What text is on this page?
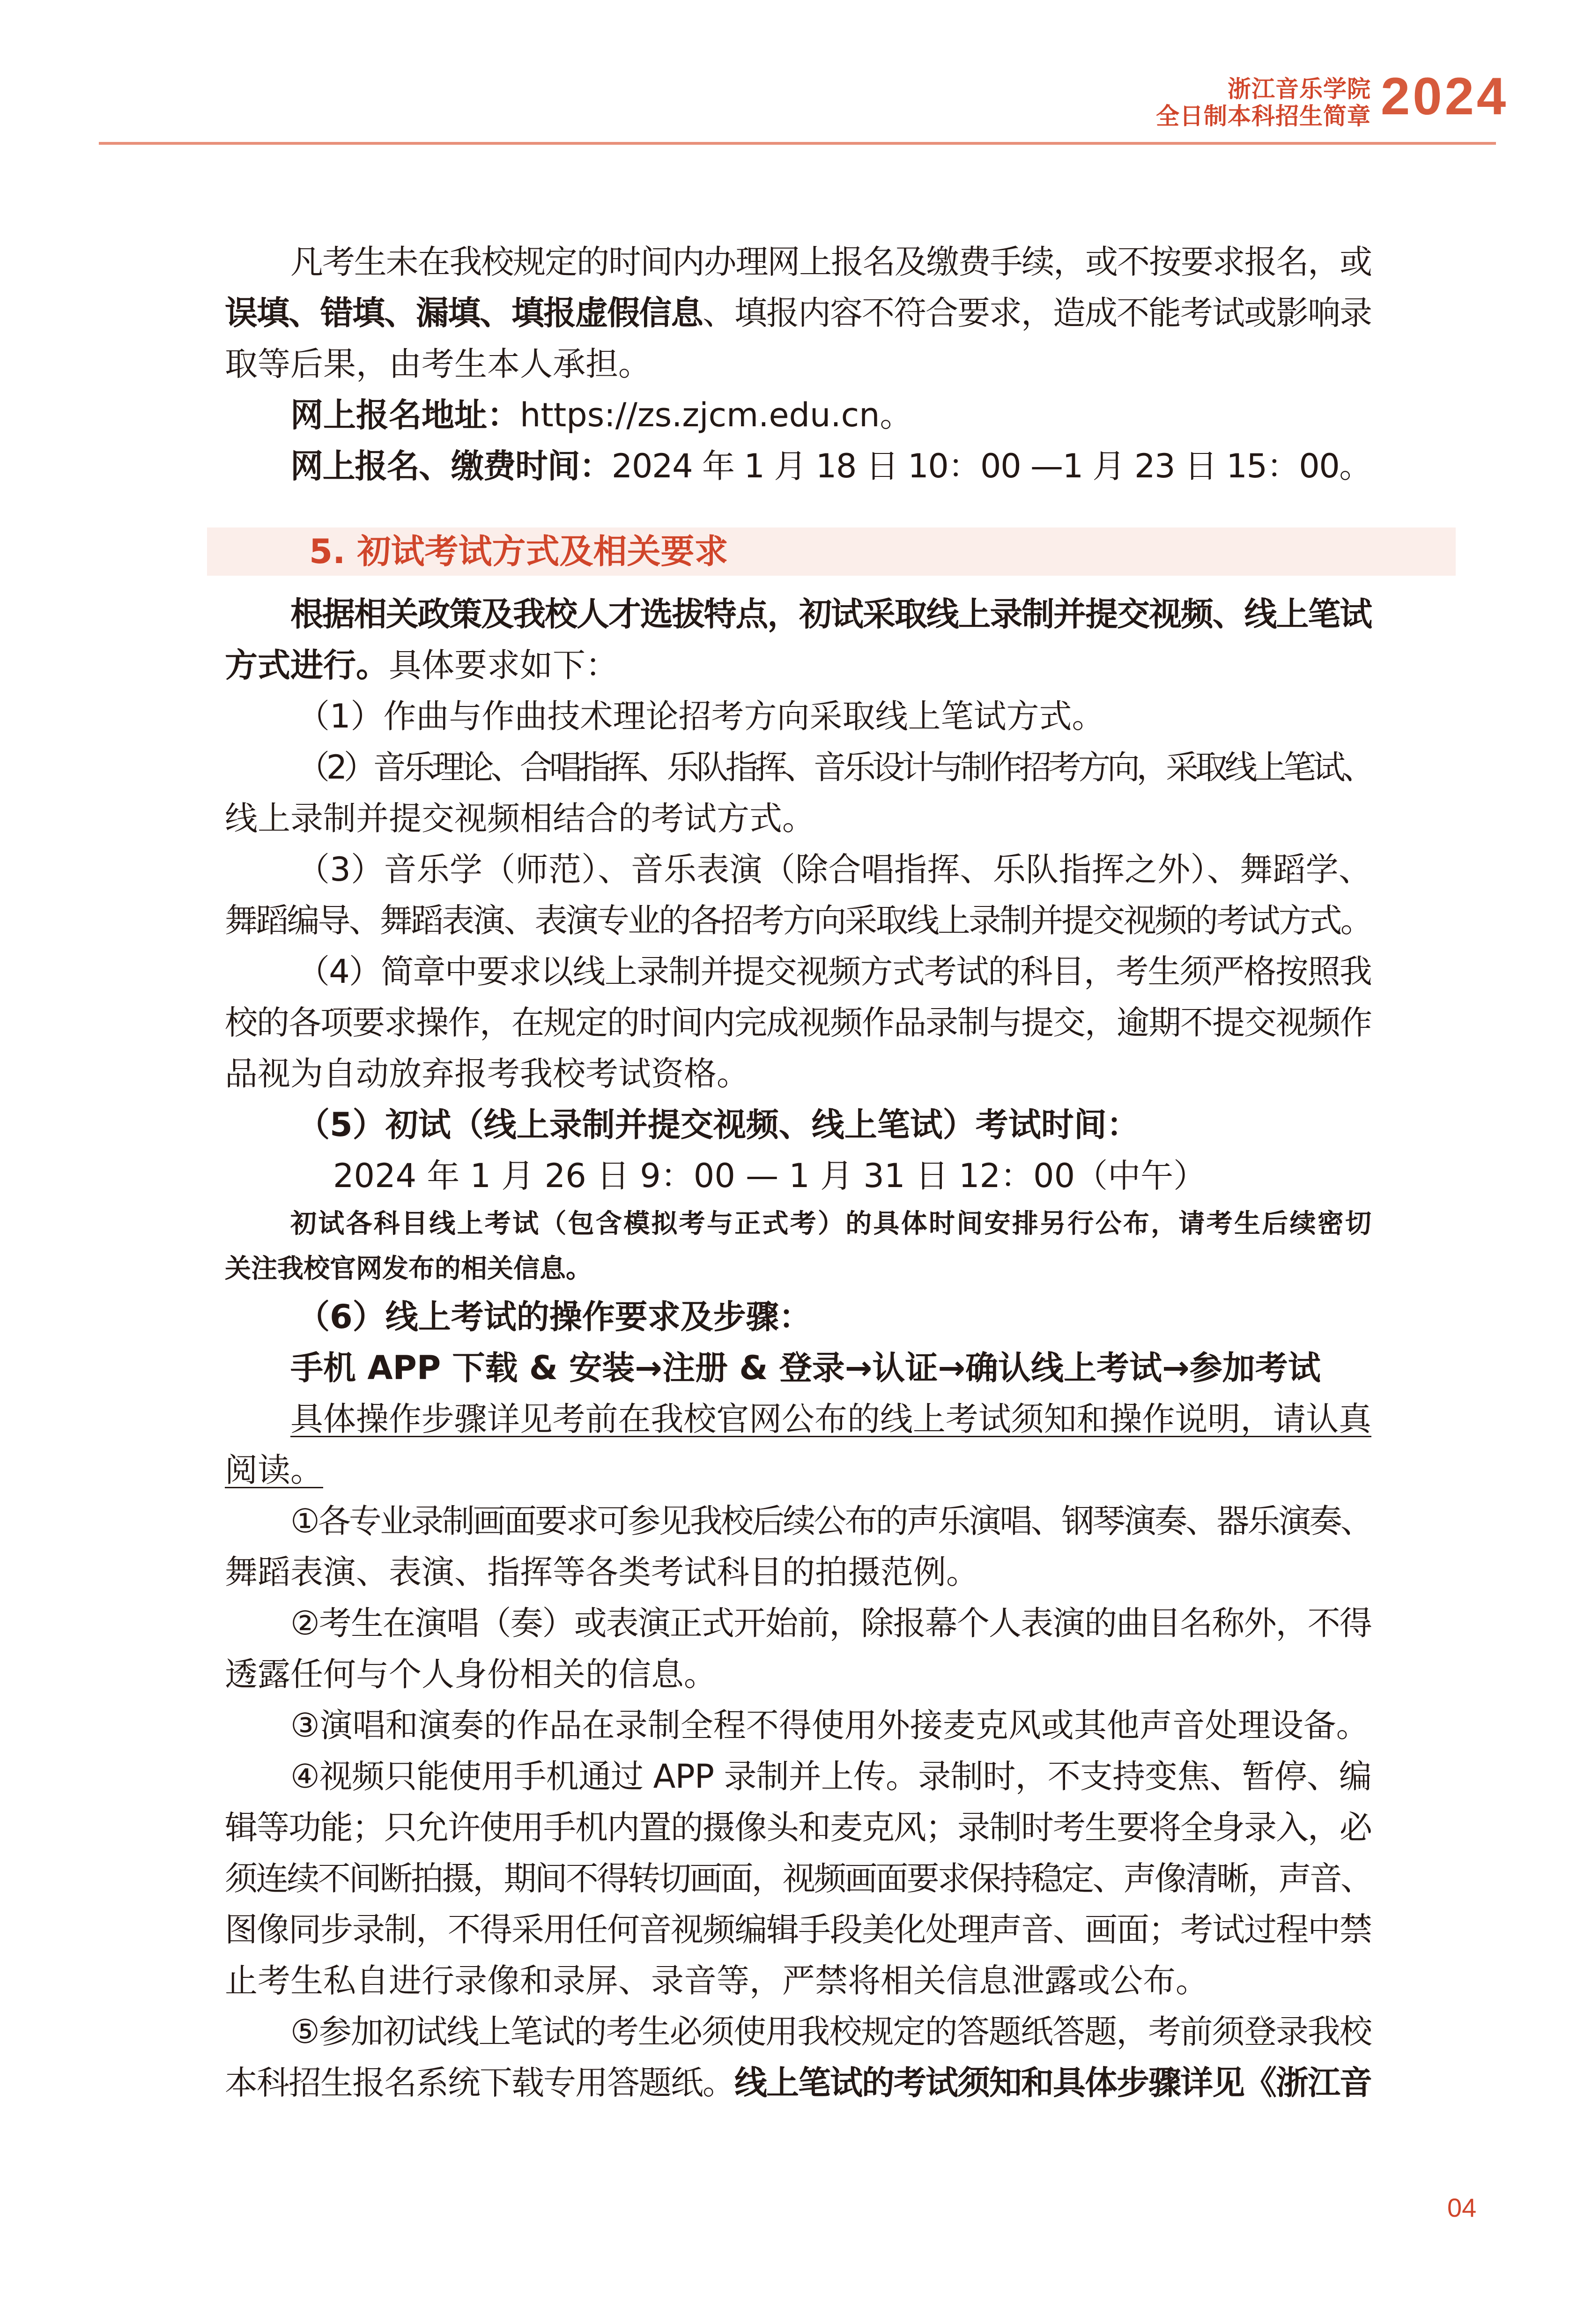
浙江音乐学院
全日制本科招生简章 2024
凡考生未在我校规定的时间内办理网上报名及缴费手续，或不按要求报名，或
误填、错填、漏填、填报虚假信息、填报内容不符合要求，造成不能考试或影响录
取等后果，由考生本人承担。
网上报名地址：https://zs.zjcm.edu.cn。
网上报名、缴费时间：2024 年 1 月 18 日 10：00 —1 月 23 日 15：00。
5. 初试考试方式及相关要求
根据相关政策及我校人才选拔特点，初试采取线上录制并提交视频、线上笔试
方式进行。具体要求如下：
（1）作曲与作曲技术理论招考方向采取线上笔试方式。
（2）音乐理论、合唱指挥、乐队指挥、音乐设计与制作招考方向，采取线上笔试、
线上录制并提交视频相结合的考试方式。
（3）音乐学（师范）、音乐表演（除合唱指挥、乐队指挥之外）、舞蹈学、
舞蹈编导、舞蹈表演、表演专业的各招考方向采取线上录制并提交视频的考试方式。
（4）简章中要求以线上录制并提交视频方式考试的科目，考生须严格按照我
校的各项要求操作，在规定的时间内完成视频作品录制与提交，逾期不提交视频作
品视为自动放弃报考我校考试资格。
（5）初试（线上录制并提交视频、线上笔试）考试时间：
2024 年 1 月 26 日 9：00 — 1 月 31 日 12：00（中午）
初试各科目线上考试（包含模拟考与正式考）的具体时间安排另行公布，请考生后续密切
关注我校官网发布的相关信息。
（6）线上考试的操作要求及步骤：
手机 APP 下载 & 安装→注册 & 登录→认证→确认线上考试→参加考试
具体操作步骤详见考前在我校官网公布的线上考试须知和操作说明，请认真
阅读。
①各专业录制画面要求可参见我校后续公布的声乐演唱、钢琴演奏、器乐演奏、
舞蹈表演、表演、指挥等各类考试科目的拍摄范例。
②考生在演唱（奏）或表演正式开始前，除报幕个人表演的曲目名称外，不得
透露任何与个人身份相关的信息。
③演唱和演奏的作品在录制全程不得使用外接麦克风或其他声音处理设备。
④视频只能使用手机通过 APP 录制并上传。录制时，不支持变焦、暂停、编
辑等功能；只允许使用手机内置的摄像头和麦克风；录制时考生要将全身录入，必
须连续不间断拍摄，期间不得转切画面，视频画面要求保持稳定、声像清晰，声音、
图像同步录制，不得采用任何音视频编辑手段美化处理声音、画面；考试过程中禁
止考生私自进行录像和录屏、录音等，严禁将相关信息泄露或公布。
⑤参加初试线上笔试的考生必须使用我校规定的答题纸答题，考前须登录我校
本科招生报名系统下载专用答题纸。线上笔试的考试须知和具体步骤详见《浙江音
04
